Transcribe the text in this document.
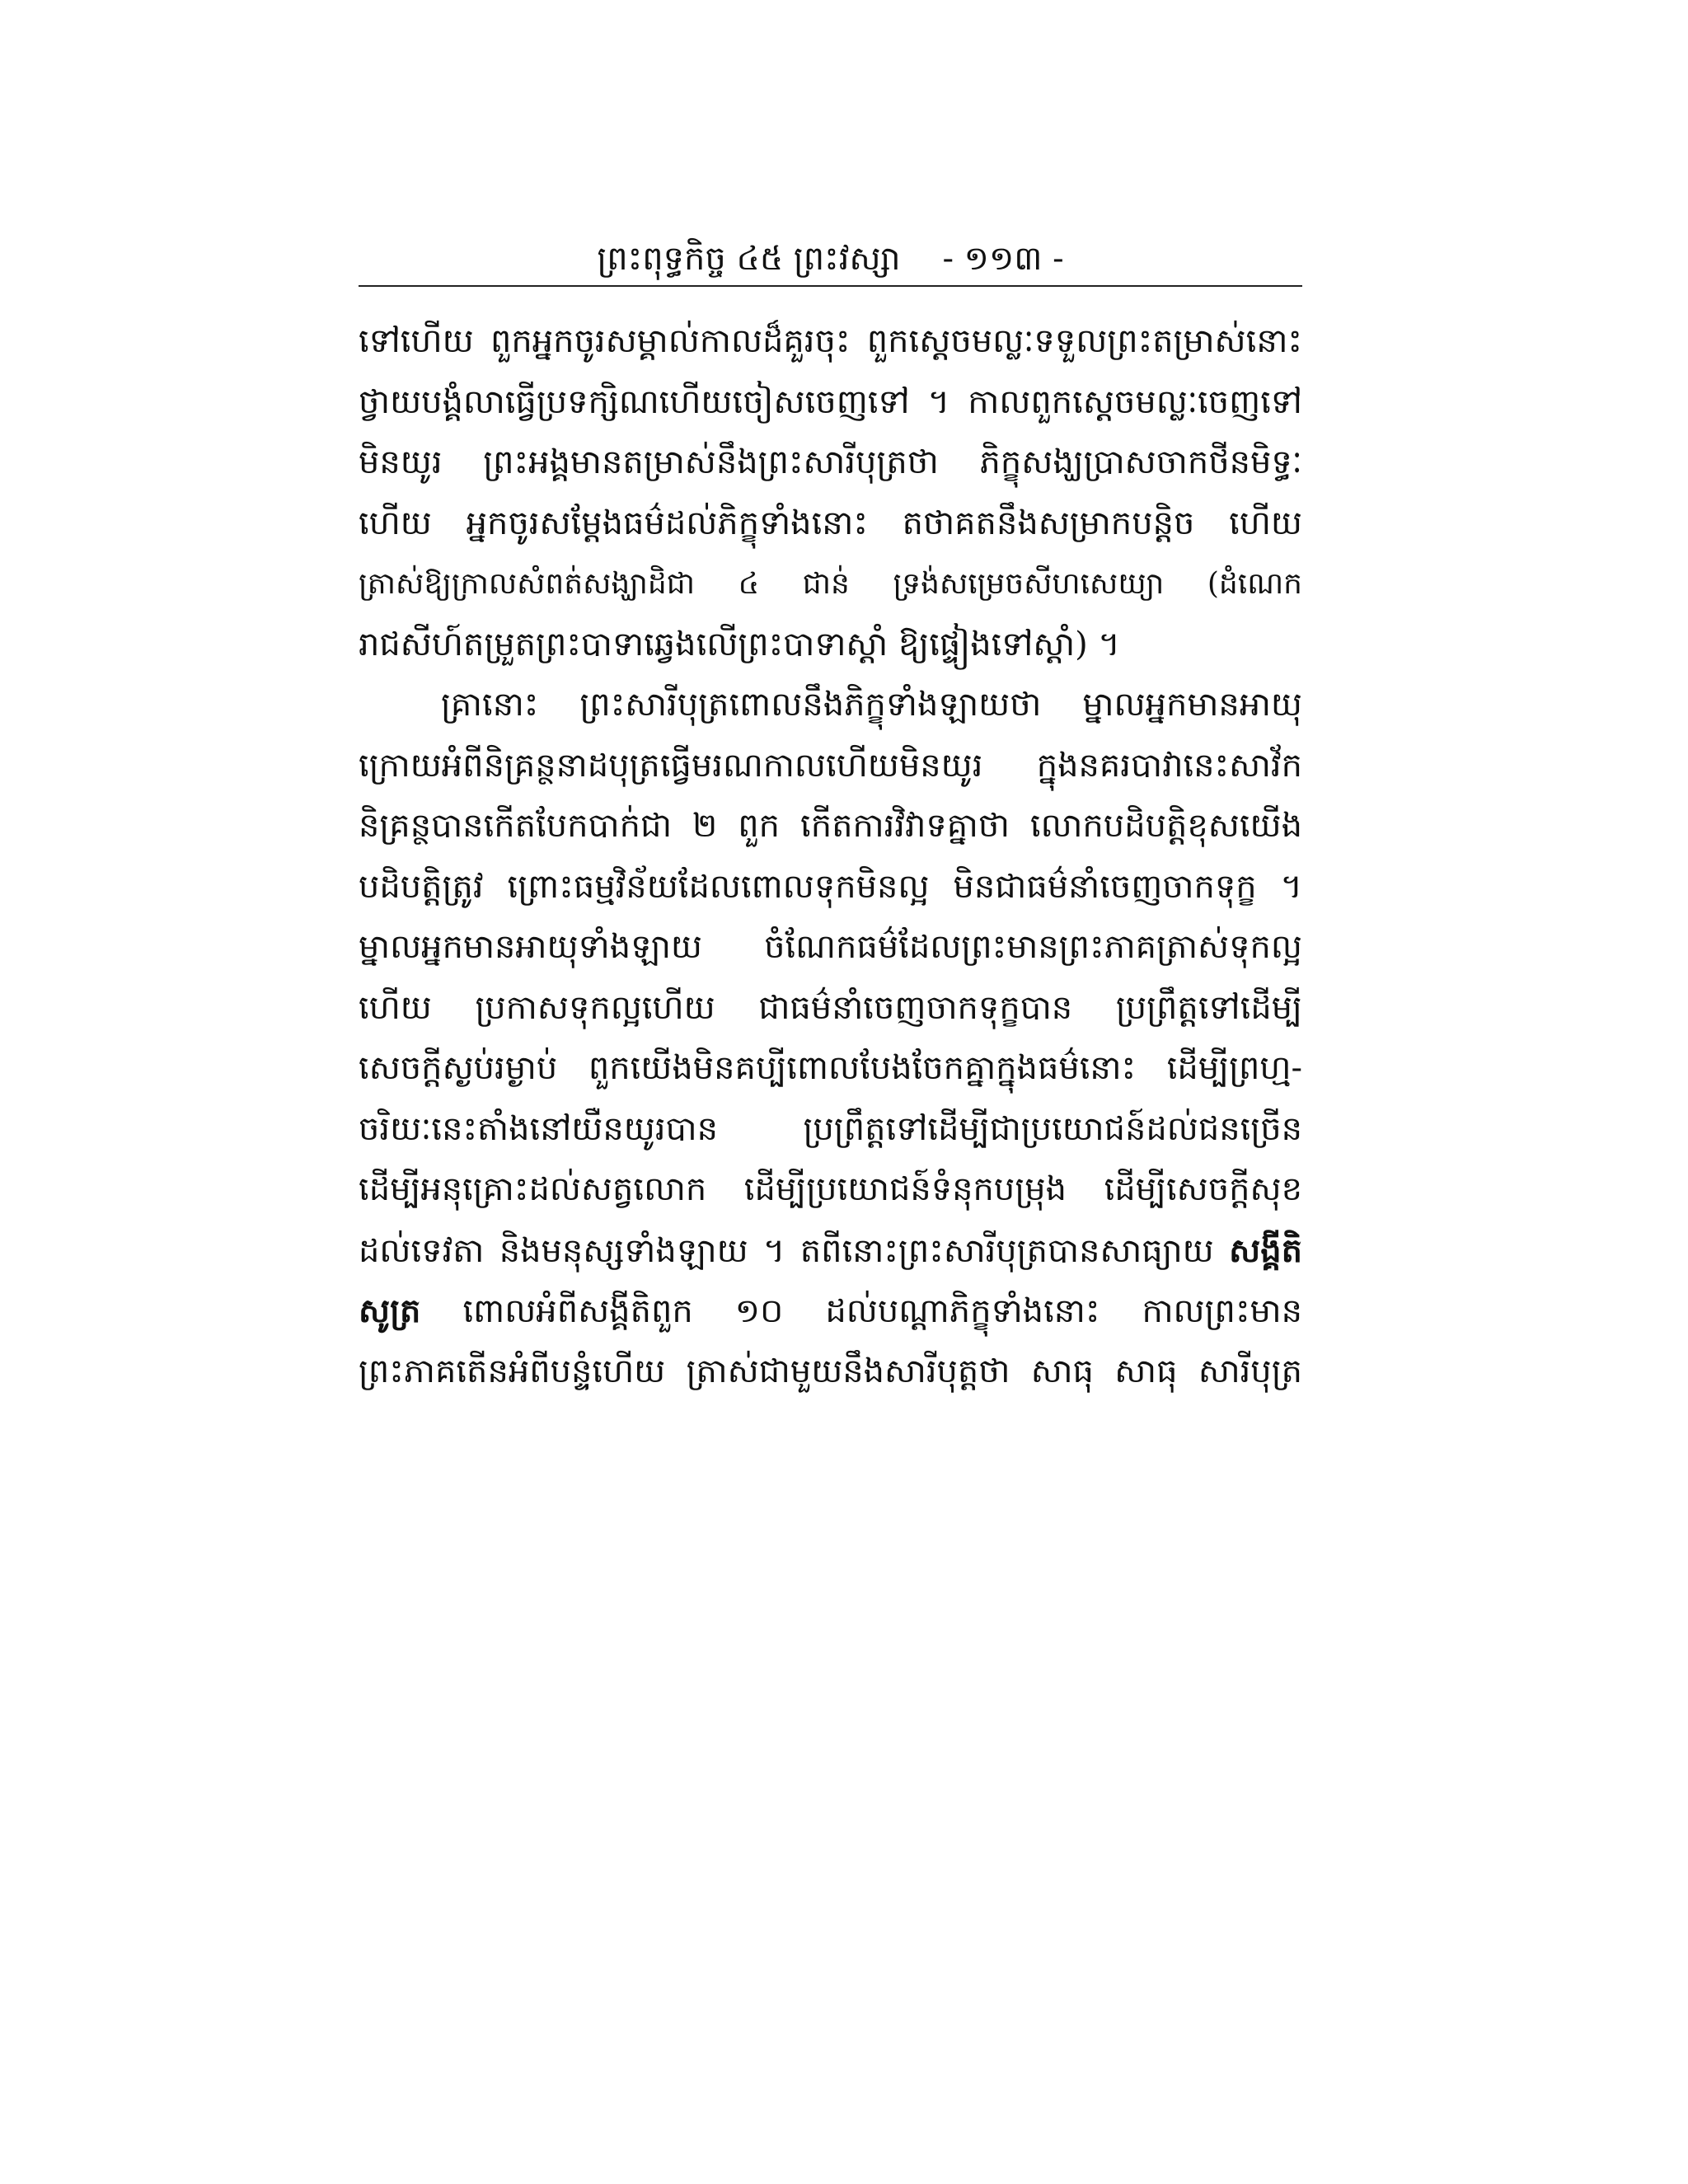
ព្រះពុទ្ធកិច្ច ៤៥ ព្រះវស្សា - ១១៣ -
ទៅហើយ ពួកអ្នកចូរសម្គាល់កាលដ៏គួរចុះ ពួកស្តេចមល្លៈទទួលព្រះតម្រាស់នោះ
ថ្វាយបង្គំលាធ្វើប្រទក្សិណហើយចៀសចេញទៅ ។ កាលពួកស្តេចមល្លៈចេញទៅ
មិនយូរ ព្រះអង្គមានតម្រាស់នឹងព្រះសារីបុត្រថា ភិក្ខុសង្ឃប្រាសចាកថីនមិទ្ធៈ
ហើយ អ្នកចូរសម្តែងធម៌ដល់ភិក្ខុទាំងនោះ តថាគតនឹងសម្រាកបន្តិច ហើយ
ត្រាស់ឱ្យក្រាលសំពត់សង្ឃាដិជា ៤ ជាន់ ទ្រង់សម្រេចសីហសេយ្យា (ដំណេក
រាជសីហ៍តម្រួតព្រះបាទាឆ្វេងលើព្រះបាទាស្តាំ ឱ្យផ្ទៀងទៅស្តាំ) ។
គ្រានោះ ព្រះសារីបុត្រពោលនឹងភិក្ខុទាំងឡាយថា ម្នាលអ្នកមានអាយុ
ក្រោយអំពីនិគ្រន្ថនាដបុត្រធ្វើមរណកាលហើយមិនយូរ ក្នុងនគរបាវានេះសាវ័ក
និគ្រន្ថបានកើតបែកបាក់ជា ២ ពួក កើតការវិវាទគ្នាថា លោកបដិបត្តិខុសយើង
បដិបត្តិត្រូវ ព្រោះធម្មវិន័យដែលពោលទុកមិនល្អ មិនជាធម៌នាំចេញចាកទុក្ខ ។
ម្នាលអ្នកមានអាយុទាំងឡាយ ចំណែកធម៌ដែលព្រះមានព្រះភាគត្រាស់ទុកល្អ
ហើយ ប្រកាសទុកល្អហើយ ជាធម៌នាំចេញចាកទុក្ខបាន ប្រព្រឹត្តទៅដើម្បី
សេចក្តីស្ងប់រម្ងាប់ ពួកយើងមិនគប្បីពោលបែងចែកគ្នាក្នុងធម៌នោះ ដើម្បីព្រហ្ម-
ចរិយៈនេះតាំងនៅយឺនយូរបាន ប្រព្រឹត្តទៅដើម្បីជាប្រយោជន៍ដល់ជនច្រើន
ដើម្បីអនុគ្រោះដល់សត្វលោក ដើម្បីប្រយោជន៍ទំនុកបម្រុង ដើម្បីសេចក្តីសុខ
ដល់ទេវតា និងមនុស្សទាំងឡាយ ។ តពីនោះព្រះសារីបុត្របានសាធ្យាយ សង្គីតិ
សូត្រ ពោលអំពីសង្គីតិពួក ១០ ដល់បណ្តាភិក្ខុទាំងនោះ កាលព្រះមាន
ព្រះភាគតើនអំពីបន្ទំហើយ ត្រាស់ជាមួយនឹងសារីបុត្តថា សាធុ សាធុ សារីបុត្រ
